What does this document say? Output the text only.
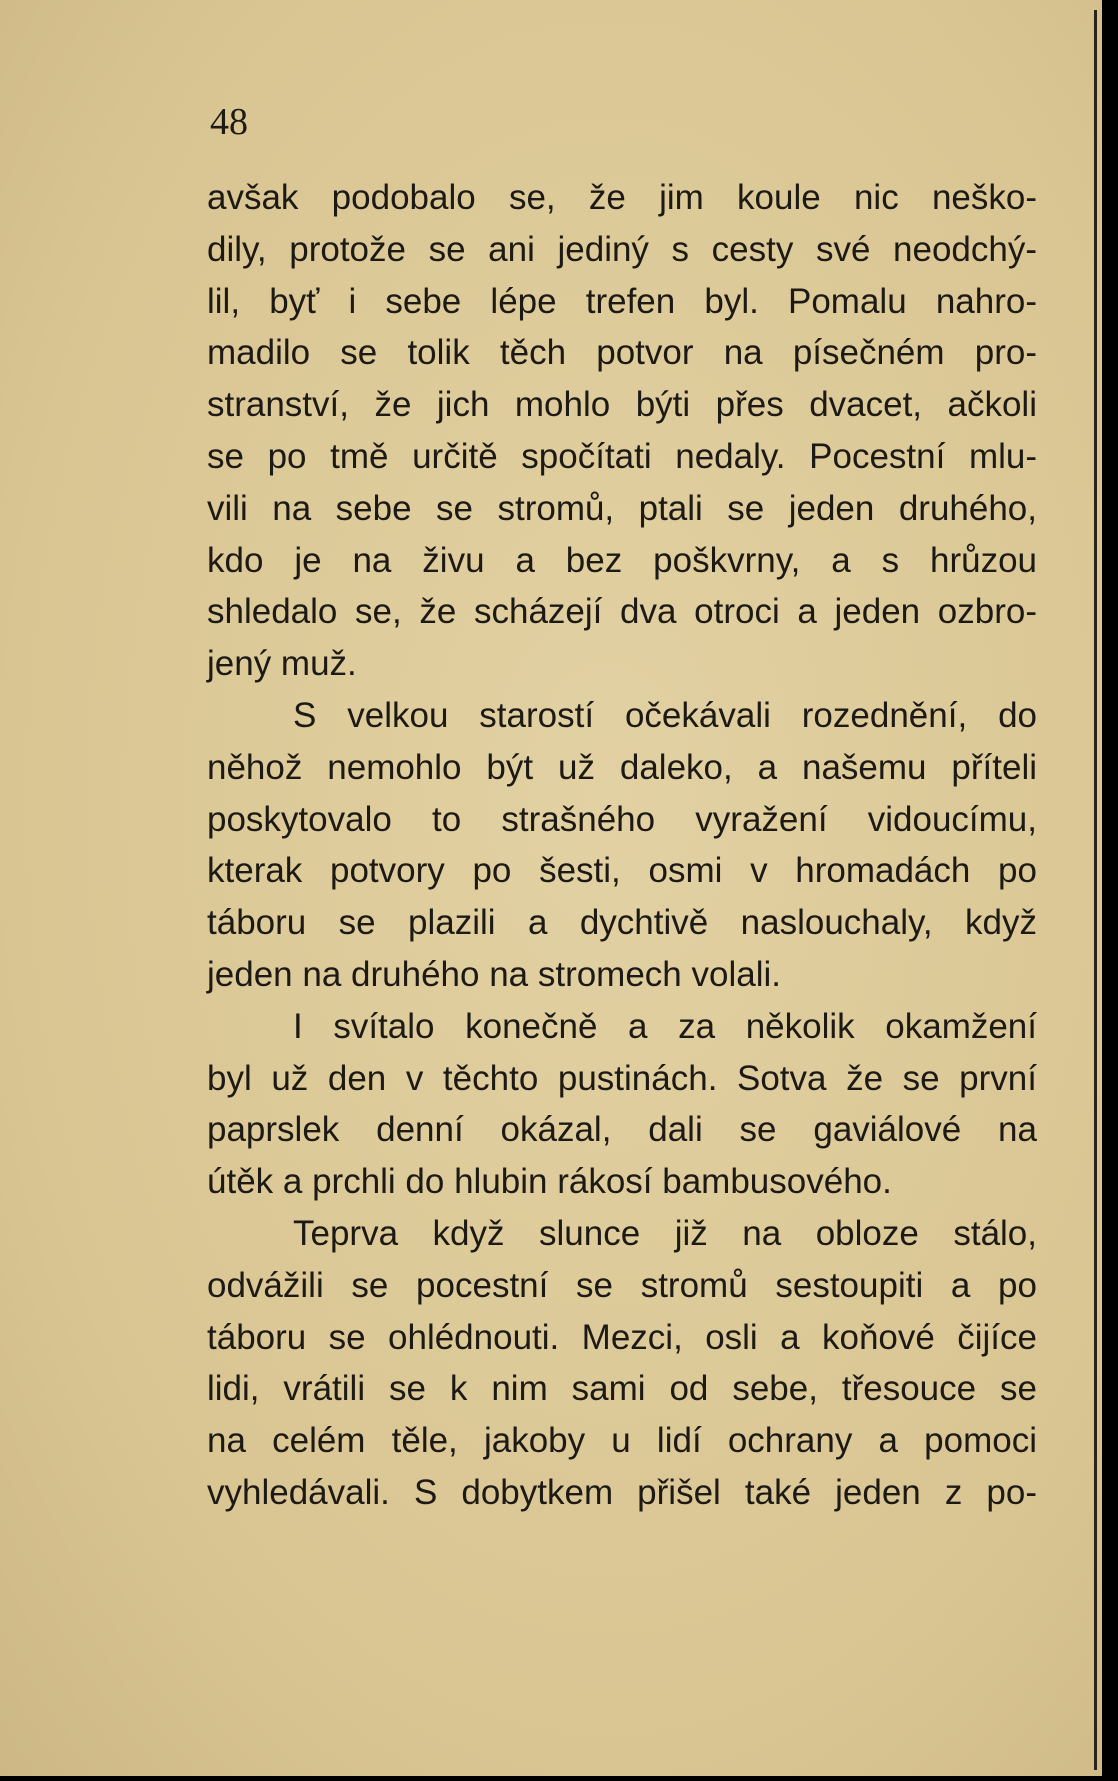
48
avšak podobalo se, že jim koule nic neško-
dily, protože se ani jediný s cesty své neodchý-
lil, byť i sebe lépe trefen byl. Pomalu nahro-
madilo se tolik těch potvor na písečném pro-
stranství, že jich mohlo býti přes dvacet, ačkoli
se po tmě určitě spočítati nedaly. Pocestní mlu-
vili na sebe se stromů, ptali se jeden druhého,
kdo je na živu a bez poškvrny, a s hrůzou
shledalo se, že scházejí dva otroci a jeden ozbro-
jený muž.
S velkou starostí očekávali rozednění, do
něhož nemohlo být už daleko, a našemu příteli
poskytovalo to strašného vyražení vidoucímu,
kterak potvory po šesti, osmi v hromadách po
táboru se plazili a dychtivě naslouchaly, když
jeden na druhého na stromech volali.
I svítalo konečně a za několik okamžení
byl už den v těchto pustinách. Sotva že se první
paprslek denní okázal, dali se gaviálové na
útěk a prchli do hlubin rákosí bambusového.
Teprva když slunce již na obloze stálo,
odvážili se pocestní se stromů sestoupiti a po
táboru se ohlédnouti. Mezci, osli a koňové čijíce
lidi, vrátili se k nim sami od sebe, třesouce se
na celém těle, jakoby u lidí ochrany a pomoci
vyhledávali. S dobytkem přišel také jeden z po-
